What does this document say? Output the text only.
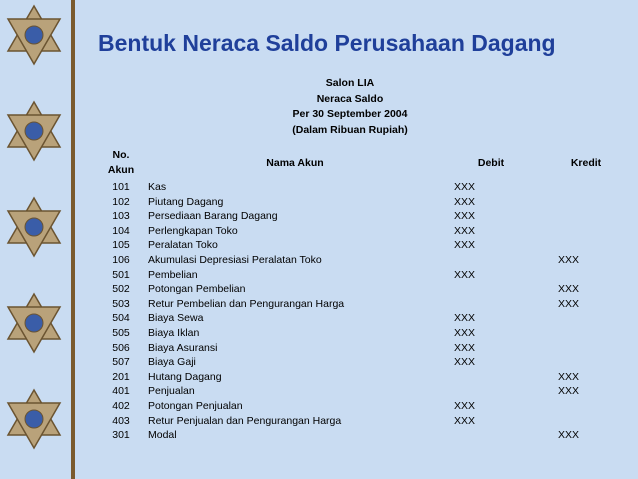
Bentuk Neraca Saldo Perusahaan Dagang
Salon LIA
Neraca Saldo
Per 30 September 2004
(Dalam Ribuan Rupiah)
No.
Akun	Nama Akun	Debit	Kredit
101	Kas	XXX	
102	Piutang Dagang	XXX	
103	Persediaan Barang Dagang	XXX	
104	Perlengkapan Toko	XXX	
105	Peralatan Toko	XXX	
106	Akumulasi Depresiasi Peralatan Toko		XXX
501	Pembelian	XXX	
502	Potongan Pembelian		XXX
503	Retur Pembelian dan Pengurangan Harga		XXX
504	Biaya Sewa	XXX	
505	Biaya Iklan	XXX	
506	Biaya Asuransi	XXX	
507	Biaya Gaji	XXX	
201	Hutang Dagang		XXX
401	Penjualan		XXX
402	Potongan Penjualan	XXX	
403	Retur Penjualan dan Pengurangan Harga	XXX	
301	Modal		XXX
